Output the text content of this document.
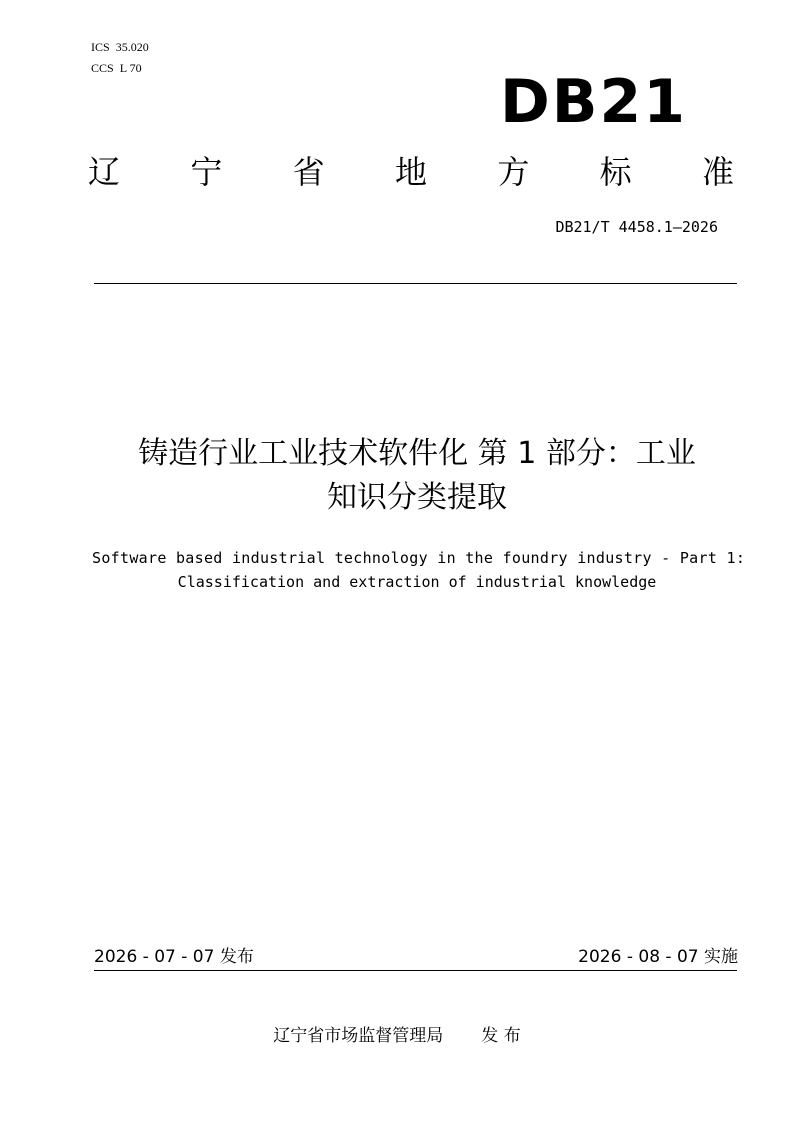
ICS 35.020
CCS L 70	DB21
辽 宁 省 地 方 标 准
DB21/T 4458.1—2026
铸造行业工业技术软件化 第 1 部分：工业
知识分类提取
Software based industrial technology in the foundry industry - Part 1:
Classification and extraction of industrial knowledge
2026 - 07 - 07 发布	2026 - 08 - 07 实施
辽宁省市场监督管理局 发 布
